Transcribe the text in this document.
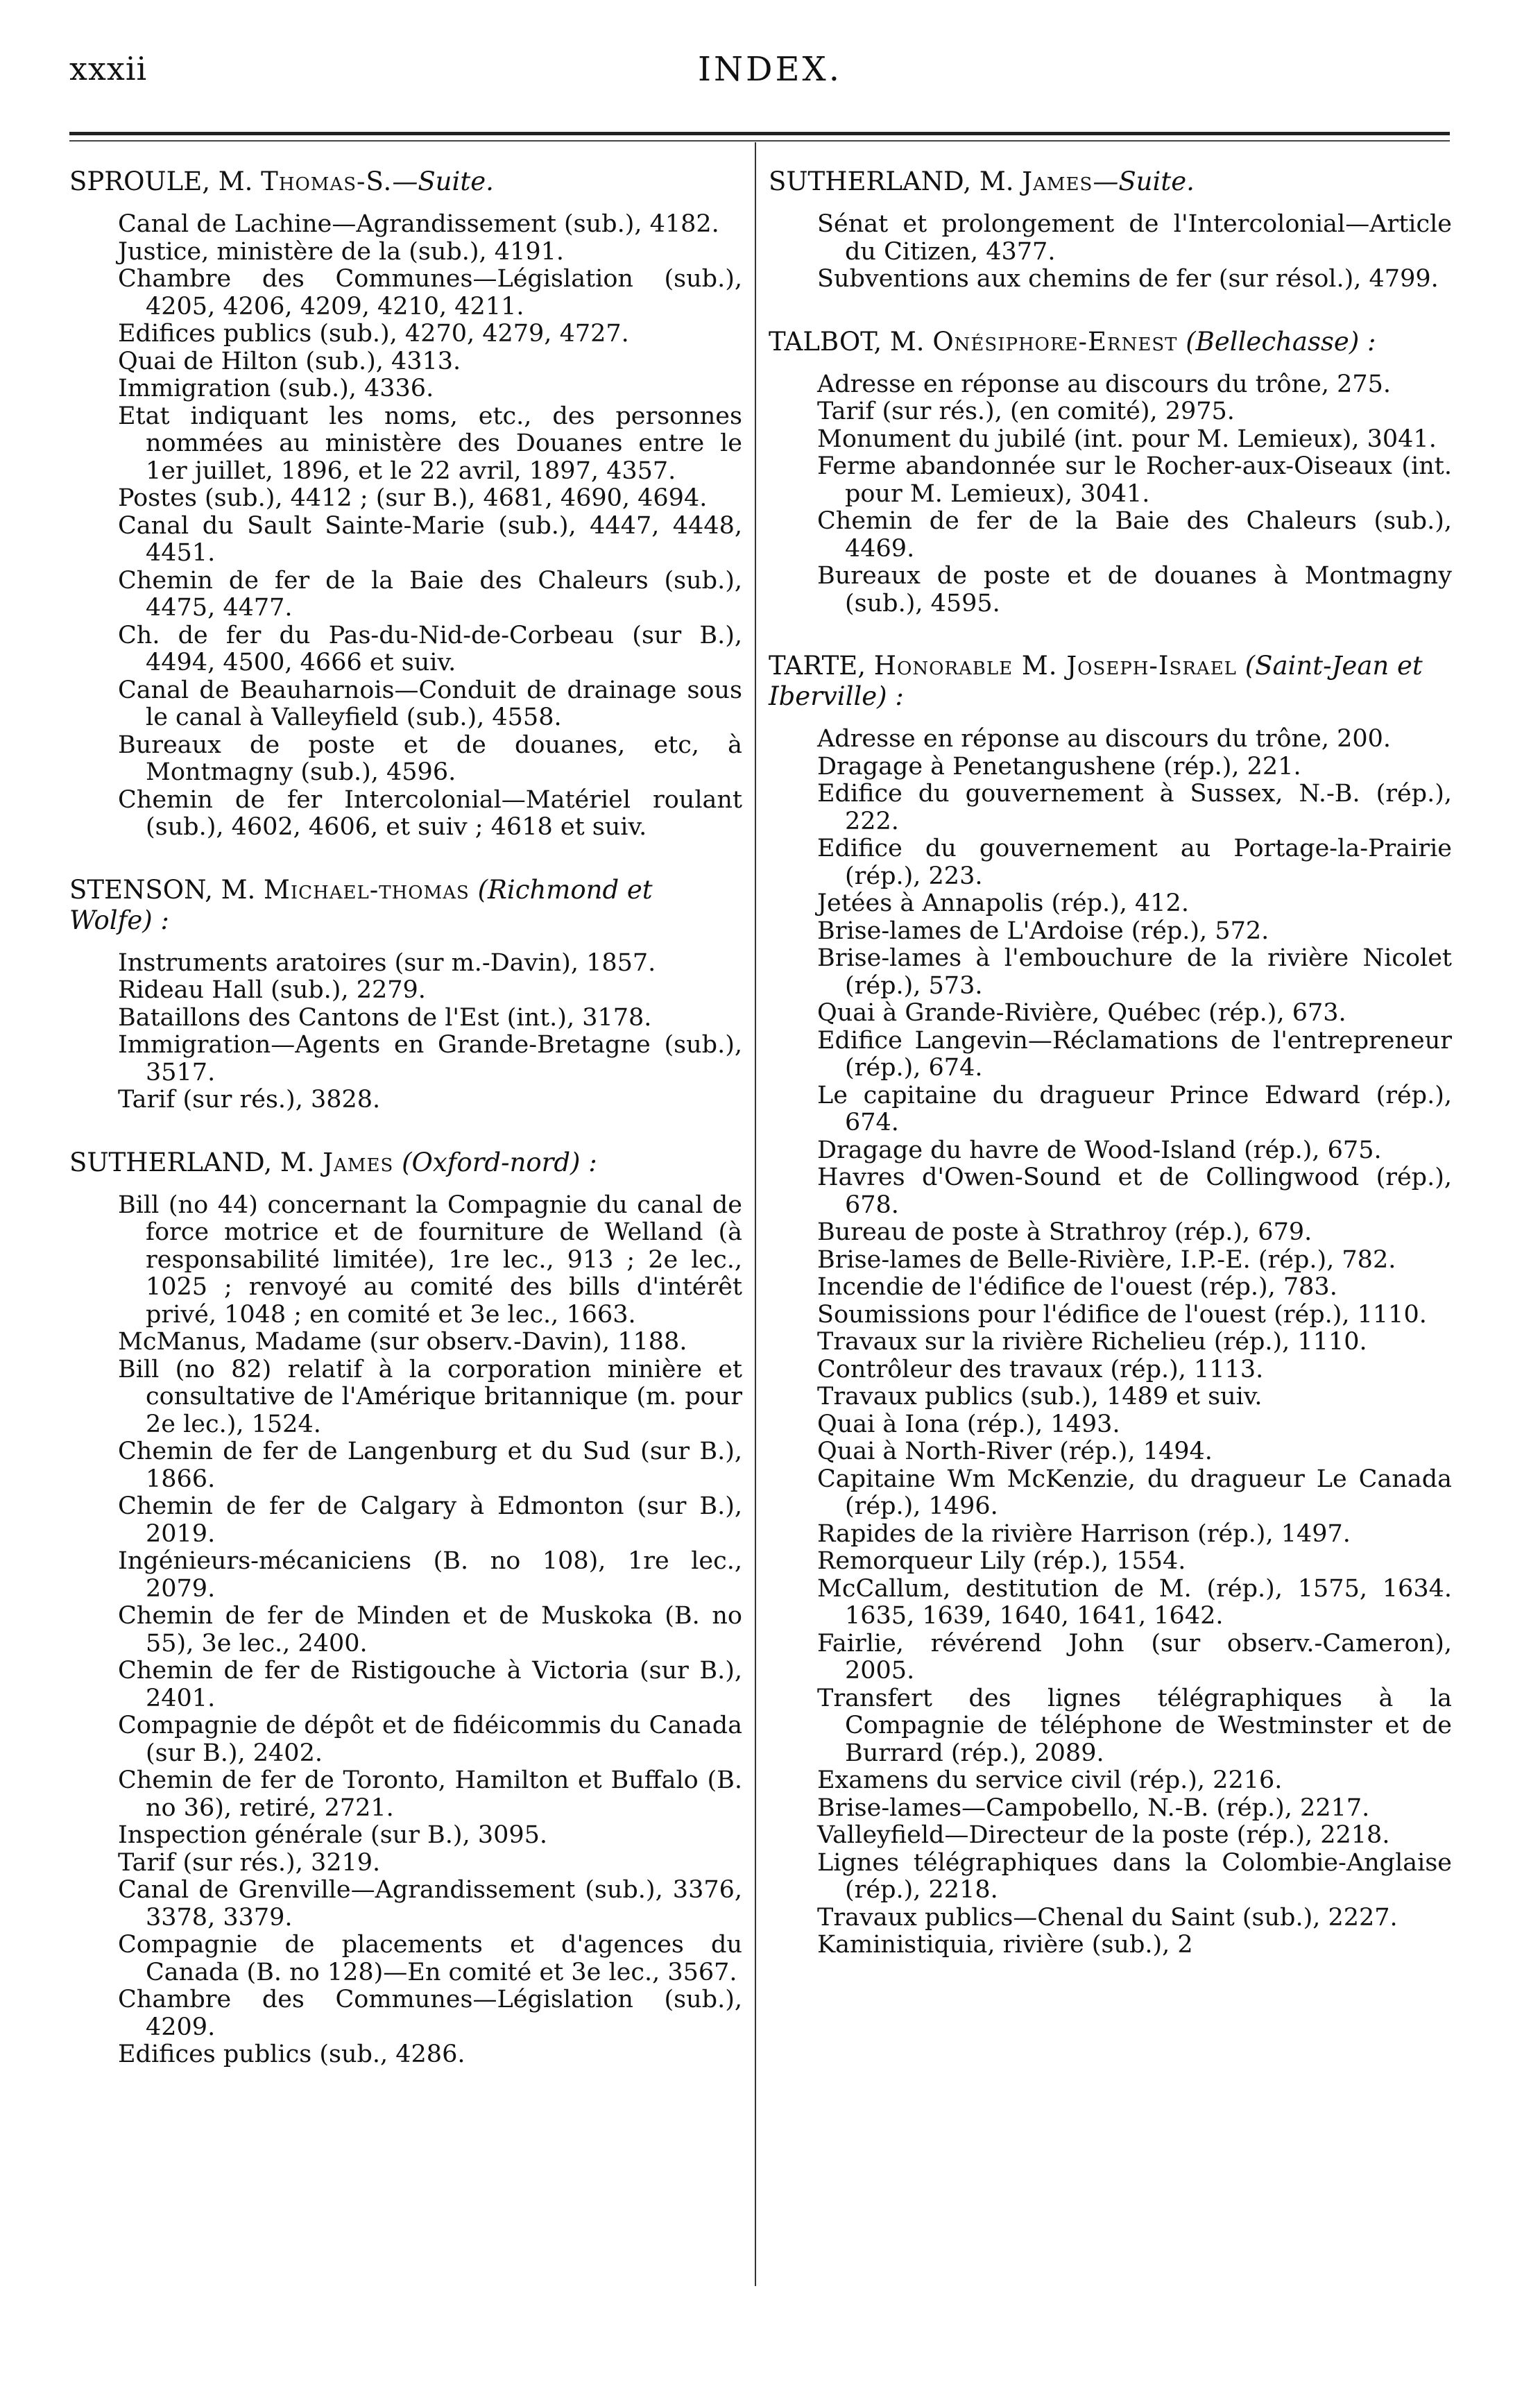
xxxii	INDEX.
SPROULE, M. Thomas-S.—Suite.
Canal de Lachine—Agrandissement (sub.), 4182.
Justice, ministère de la (sub.), 4191.
Chambre des Communes—Législation (sub.), 4205, 4206, 4209, 4210, 4211.
Edifices publics (sub.), 4270, 4279, 4727.
Quai de Hilton (sub.), 4313.
Immigration (sub.), 4336.
Etat indiquant les noms, etc., des personnes nommées au ministère des Douanes entre le 1er juillet, 1896, et le 22 avril, 1897, 4357.
Postes (sub.), 4412 ; (sur B.), 4681, 4690, 4694.
Canal du Sault Sainte-Marie (sub.), 4447, 4448, 4451.
Chemin de fer de la Baie des Chaleurs (sub.), 4475, 4477.
Ch. de fer du Pas-du-Nid-de-Corbeau (sur B.), 4494, 4500, 4666 et suiv.
Canal de Beauharnois—Conduit de drainage sous le canal à Valleyfield (sub.), 4558.
Bureaux de poste et de douanes, etc, à Montmagny (sub.), 4596.
Chemin de fer Intercolonial—Matériel roulant (sub.), 4602, 4606, et suiv ; 4618 et suiv.
STENSON, M. Michael-thomas (Richmond et Wolfe) :
Instruments aratoires (sur m.-Davin), 1857.
Rideau Hall (sub.), 2279.
Bataillons des Cantons de l'Est (int.), 3178.
Immigration—Agents en Grande-Bretagne (sub.), 3517.
Tarif (sur rés.), 3828.
SUTHERLAND, M. James (Oxford-nord) :
Bill (no 44) concernant la Compagnie du canal de force motrice et de fourniture de Welland (à responsabilité limitée), 1re lec., 913 ; 2e lec., 1025 ; renvoyé au comité des bills d'intérêt privé, 1048 ; en comité et 3e lec., 1663.
McManus, Madame (sur observ.-Davin), 1188.
Bill (no 82) relatif à la corporation minière et consultative de l'Amérique britannique (m. pour 2e lec.), 1524.
Chemin de fer de Langenburg et du Sud (sur B.), 1866.
Chemin de fer de Calgary à Edmonton (sur B.), 2019.
Ingénieurs-mécaniciens (B. no 108), 1re lec., 2079.
Chemin de fer de Minden et de Muskoka (B. no 55), 3e lec., 2400.
Chemin de fer de Ristigouche à Victoria (sur B.), 2401.
Compagnie de dépôt et de fidéicommis du Canada (sur B.), 2402.
Chemin de fer de Toronto, Hamilton et Buffalo (B. no 36), retiré, 2721.
Inspection générale (sur B.), 3095.
Tarif (sur rés.), 3219.
Canal de Grenville—Agrandissement (sub.), 3376, 3378, 3379.
Compagnie de placements et d'agences du Canada (B. no 128)—En comité et 3e lec., 3567.
Chambre des Communes—Législation (sub.), 4209.
Edifices publics (sub., 4286.
SUTHERLAND, M. James—Suite.
Sénat et prolongement de l'Intercolonial—Article du Citizen, 4377.
Subventions aux chemins de fer (sur résol.), 4799.
TALBOT, M. Onésiphore-Ernest (Bellechasse) :
Adresse en réponse au discours du trône, 275.
Tarif (sur rés.), (en comité), 2975.
Monument du jubilé (int. pour M. Lemieux), 3041.
Ferme abandonnée sur le Rocher-aux-Oiseaux (int. pour M. Lemieux), 3041.
Chemin de fer de la Baie des Chaleurs (sub.), 4469.
Bureaux de poste et de douanes à Montmagny (sub.), 4595.
TARTE, Honorable M. Joseph-Israel (Saint-Jean et Iberville) :
Adresse en réponse au discours du trône, 200.
Dragage à Penetangushene (rép.), 221.
Edifice du gouvernement à Sussex, N.-B. (rép.), 222.
Edifice du gouvernement au Portage-la-Prairie (rép.), 223.
Jetées à Annapolis (rép.), 412.
Brise-lames de L'Ardoise (rép.), 572.
Brise-lames à l'embouchure de la rivière Nicolet (rép.), 573.
Quai à Grande-Rivière, Québec (rép.), 673.
Edifice Langevin—Réclamations de l'entrepreneur (rép.), 674.
Le capitaine du dragueur Prince Edward (rép.), 674.
Dragage du havre de Wood-Island (rép.), 675.
Havres d'Owen-Sound et de Collingwood (rép.), 678.
Bureau de poste à Strathroy (rép.), 679.
Brise-lames de Belle-Rivière, I.P.-E. (rép.), 782.
Incendie de l'édifice de l'ouest (rép.), 783.
Soumissions pour l'édifice de l'ouest (rép.), 1110.
Travaux sur la rivière Richelieu (rép.), 1110.
Contrôleur des travaux (rép.), 1113.
Travaux publics (sub.), 1489 et suiv.
Quai à Iona (rép.), 1493.
Quai à North-River (rép.), 1494.
Capitaine Wm McKenzie, du dragueur Le Canada (rép.), 1496.
Rapides de la rivière Harrison (rép.), 1497.
Remorqueur Lily (rép.), 1554.
McCallum, destitution de M. (rép.), 1575, 1634. 1635, 1639, 1640, 1641, 1642.
Fairlie, révérend John (sur observ.-Cameron), 2005.
Transfert des lignes télégraphiques à la Compagnie de téléphone de Westminster et de Burrard (rép.), 2089.
Examens du service civil (rép.), 2216.
Brise-lames—Campobello, N.-B. (rép.), 2217.
Valleyfield—Directeur de la poste (rép.), 2218.
Lignes télégraphiques dans la Colombie-Anglaise (rép.), 2218.
Travaux publics—Chenal du Saint (sub.), 2227.
Kaministiquia, rivière (sub.), 2
